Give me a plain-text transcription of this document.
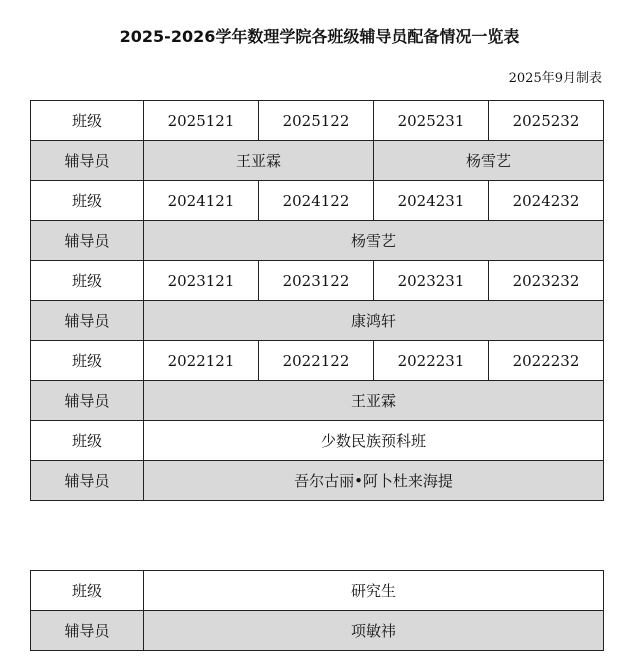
2025-2026学年数理学院各班级辅导员配备情况一览表
2025年9月制表
班级	2025121	2025122	2025231	2025232
辅导员	王亚霖		杨雪艺	
班级	2024121	2024122	2024231	2024232
辅导员	杨雪艺			
班级	2023121	2023122	2023231	2023232
辅导员	康鸿轩			
班级	2022121	2022122	2022231	2022232
辅导员	王亚霖			
班级	少数民族预科班			
辅导员	吾尔古丽•阿卜杜来海提			
班级	研究生
辅导员	项敏祎
